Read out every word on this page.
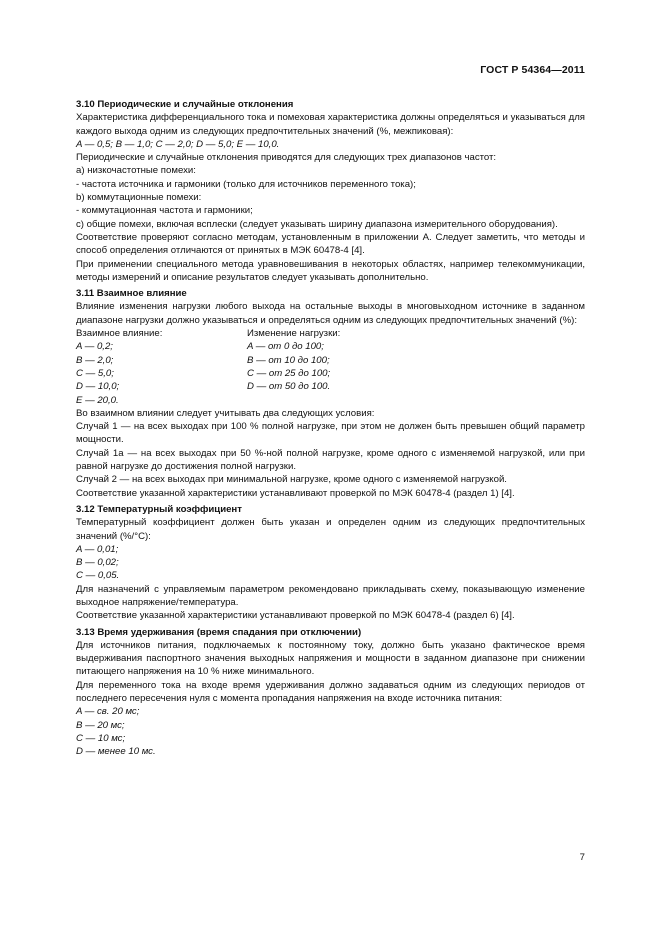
ГОСТ Р 54364—2011

3.10 Периодические и случайные отклонения

Характеристика дифференциального тока и помеховая характеристика должны определяться и указываться для каждого выхода одним из следующих предпочтительных значений (%, межпиковая):

A — 0,5; B — 1,0; C — 2,0; D — 5,0; E — 10,0.

Периодические и случайные отклонения приводятся для следующих трех диапазонов частот:

a) низкочастотные помехи:

- частота источника и гармоники (только для источников переменного тока);

b) коммутационные помехи:

- коммутационная частота и гармоники;

c) общие помехи, включая всплески (следует указывать ширину диапазона измерительного оборудования).

Соответствие проверяют согласно методам, установленным в приложении А. Следует заметить, что методы и способ определения отличаются от принятых в МЭК 60478-4 [4].

При применении специального метода уравновешивания в некоторых областях, например телекоммуникации, методы измерений и описание результатов следует указывать дополнительно.

3.11 Взаимное влияние

Влияние изменения нагрузки любого выхода на остальные выходы в многовыходном источнике в заданном диапазоне нагрузки должно указываться и определяться одним из следующих предпочтительных значений (%):

Взаимное влияние:	Изменение нагрузки:
A — 0,2;	A — от 0 до 100;
B — 2,0;	B — от 10 до 100;
C — 5,0;	C — от 25 до 100;
D — 10,0;	D — от 50 до 100.
E — 20,0.

Во взаимном влиянии следует учитывать два следующих условия:

Случай 1 — на всех выходах при 100 % полной нагрузке, при этом не должен быть превышен общий параметр мощности.

Случай 1а — на всех выходах при 50 %-ной полной нагрузке, кроме одного с изменяемой нагрузкой, или при равной нагрузке до достижения полной нагрузки.

Случай 2 — на всех выходах при минимальной нагрузке, кроме одного с изменяемой нагрузкой.

Соответствие указанной характеристики устанавливают проверкой по МЭК 60478-4 (раздел 1) [4].

3.12 Температурный коэффициент

Температурный коэффициент должен быть указан и определен одним из следующих предпочтительных значений (%/°С):

A — 0,01;

B — 0,02;

C — 0,05.

Для назначений с управляемым параметром рекомендовано прикладывать схему, показывающую изменение выходное напряжение/температура.

Соответствие указанной характеристики устанавливают проверкой по МЭК 60478-4 (раздел 6) [4].

3.13 Время удерживания (время спадания при отключении)

Для источников питания, подключаемых к постоянному току, должно быть указано фактическое время выдерживания паспортного значения выходных напряжения и мощности в заданном диапазоне при снижении питающего напряжения на 10 % ниже минимального.

Для переменного тока на входе время удерживания должно задаваться одним из следующих периодов от последнего пересечения нуля с момента пропадания напряжения на входе источника питания:

A — св. 20 мс;

B — 20 мс;

C — 10 мс;

D — менее 10 мс.

7
